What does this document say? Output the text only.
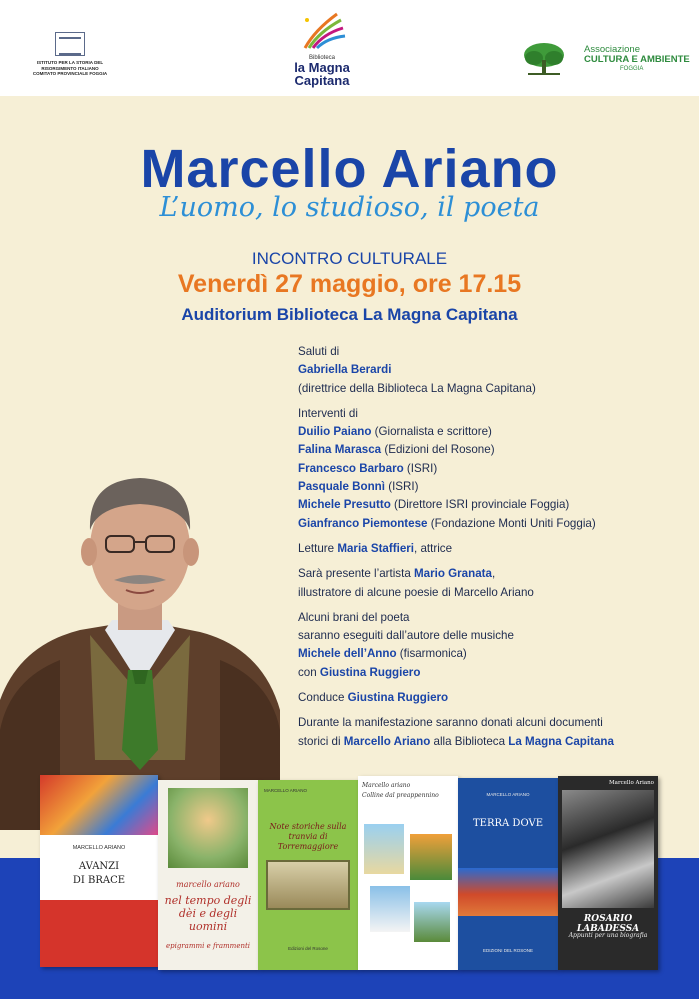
ISTITUTO PER LA STORIA DEL RISORGIMENTO ITALIANO COMITATO PROVINCIALE FOGGIA
Biblioteca
la Magna
Capitana
Associazione
CULTURA E AMBIENTE
FOGGIA
Marcello Ariano
L’uomo, lo studioso, il poeta
INCONTRO CULTURALE
Venerdì 27 maggio, ore 17.15
Auditorium Biblioteca La Magna Capitana
Saluti di
Gabriella Berardi
(direttrice della Biblioteca La Magna Capitana)
Interventi di
Duilio Paiano (Giornalista e scrittore)
Falina Marasca (Edizioni del Rosone)
Francesco Barbaro (ISRI)
Pasquale Bonnì (ISRI)
Michele Presutto (Direttore ISRI provinciale Foggia)
Gianfranco Piemontese (Fondazione Monti Uniti Foggia)
Letture Maria Staffieri, attrice
Sarà presente l’artista Mario Granata,
illustratore di alcune poesie di Marcello Ariano
Alcuni brani del poeta
saranno eseguiti dall’autore delle musiche
Michele dell’Anno (fisarmonica)
con Giustina Ruggiero
Conduce Giustina Ruggiero
Durante la manifestazione saranno donati alcuni documenti
storici di Marcello Ariano alla Biblioteca La Magna Capitana
MARCELLO ARIANO
AVANZI
DI BRACE	marcello ariano
nel tempo degli dèi e degli uomini
epigrammi e frammenti
MARCELLO ARIANO
Note storiche sulla tranvia di Torremaggiore
Edizioni del Rosone
Marcello ariano
Colline dal preappennino	MARCELLO ARIANO
TERRA DOVE
EDIZIONI DEL ROSONE
Marcello Ariano
ROSARIO LABADESSA
Appunti per una biografia
